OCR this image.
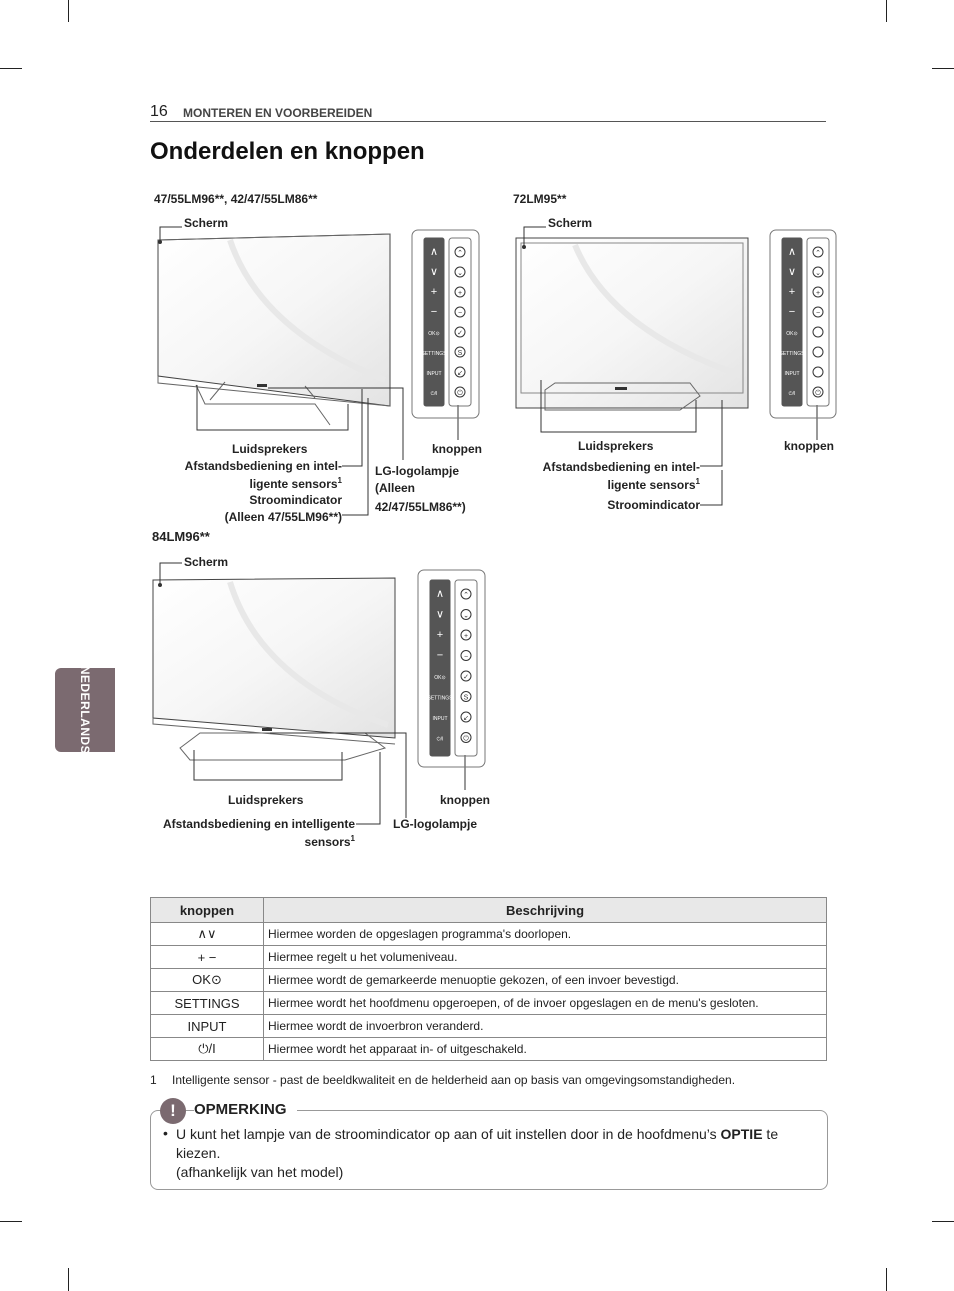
16 MONTEREN EN VOORBEREIDEN
Onderdelen en knoppen
NEDERLANDS
∧	⌃
∨	⌄
+	+
−	−
OK⊙ ✓
SETTINGS S
INPUT ↙
⏻/I	⏻
∧	⌃
∨	⌄
+	+
−	−
OK⊙
SETTINGS
INPUT
⏻/I	⏻
∧	⌃
∨	⌄
+	+
−	−
OK⊙ ✓
SETTINGS S
INPUT ↙
⏻/I	⏻
47/55LM96**, 42/47/55LM86**
Scherm
Luidsprekers	knoppen
Afstandsbediening en intel-
ligente sensors$^1$
Stroomindicator
(Alleen 47/55LM96**)
LG-logolampje
(Alleen
42/47/55LM86**)
72LM95**
Scherm
Luidsprekers	knoppen
Afstandsbediening en intel-
ligente sensors$^1$
Stroomindicator
84LM96**
Scherm
Luidsprekers	knoppen
Afstandsbediening en intelligente
sensors$^1$
LG-logolampje
knoppen	Beschrijving
∧∨	Hiermee worden de opgeslagen programma's doorlopen.
+ −	Hiermee regelt u het volumeniveau.
OK⊙	Hiermee wordt de gemarkeerde menuoptie gekozen, of een invoer bevestigd.
SETTINGS	Hiermee wordt het hoofdmenu opgeroepen, of de invoer opgeslagen en de menu's gesloten.
INPUT	Hiermee wordt de invoerbron veranderd.
⏻/I	Hiermee wordt het apparaat in- of uitgeschakeld.
1 Intelligente sensor - past de beeldkwaliteit en de helderheid aan op basis van omgevingsomstandigheden.
OPMERKING
!
• U kunt het lampje van de stroomindicator op aan of uit instellen door in de hoofdmenu’s OPTIE te kiezen.
(afhankelijk van het model)
